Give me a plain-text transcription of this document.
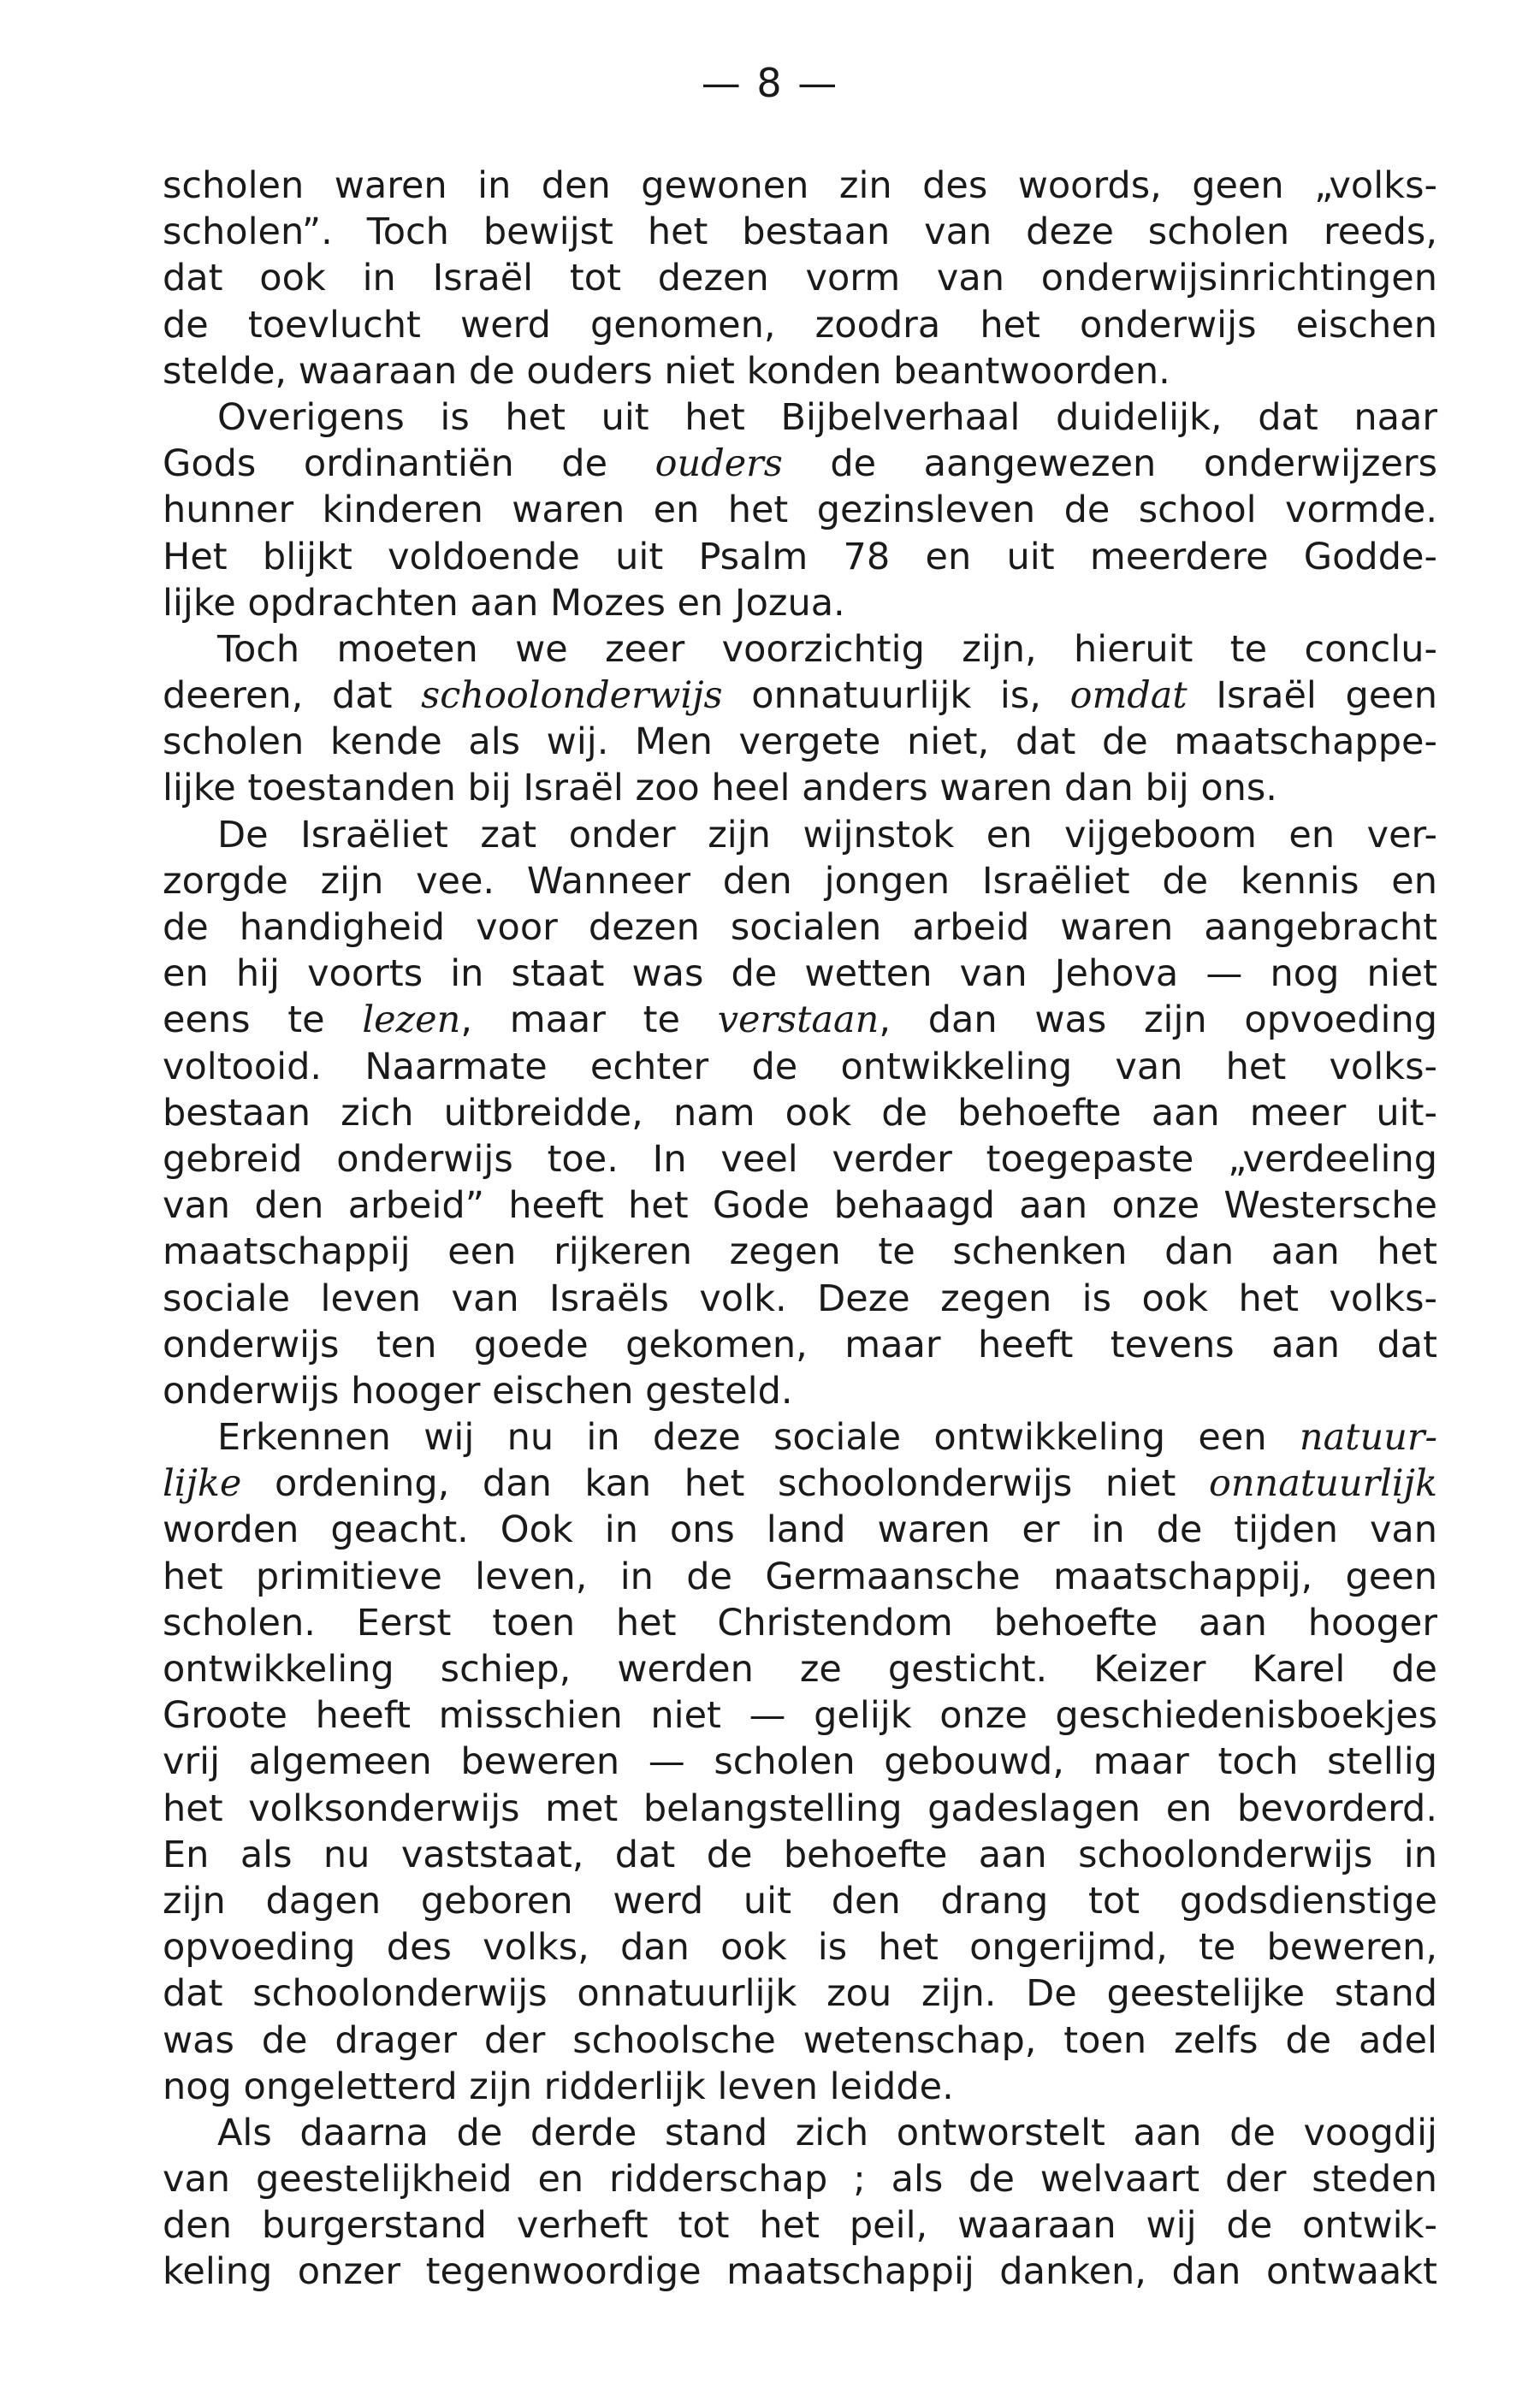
— 8 —
scholen waren in den gewonen zin des woords, geen „volks-
scholen”. Toch bewijst het bestaan van deze scholen reeds,
dat ook in Israël tot dezen vorm van onderwijsinrichtingen
de toevlucht werd genomen, zoodra het onderwijs eischen
stelde, waaraan de ouders niet konden beantwoorden.
Overigens is het uit het Bijbelverhaal duidelijk, dat naar
Gods ordinantiën de ouders de aangewezen onderwijzers
hunner kinderen waren en het gezinsleven de school vormde.
Het blijkt voldoende uit Psalm 78 en uit meerdere Godde-
lijke opdrachten aan Mozes en Jozua.
Toch moeten we zeer voorzichtig zijn, hieruit te conclu-
deeren, dat schoolonderwijs onnatuurlijk is, omdat Israël geen
scholen kende als wij. Men vergete niet, dat de maatschappe-
lijke toestanden bij Israël zoo heel anders waren dan bij ons.
De Israëliet zat onder zijn wijnstok en vijgeboom en ver-
zorgde zijn vee. Wanneer den jongen Israëliet de kennis en
de handigheid voor dezen socialen arbeid waren aangebracht
en hij voorts in staat was de wetten van Jehova — nog niet
eens te lezen, maar te verstaan, dan was zijn opvoeding
voltooid. Naarmate echter de ontwikkeling van het volks-
bestaan zich uitbreidde, nam ook de behoefte aan meer uit-
gebreid onderwijs toe. In veel verder toegepaste „verdeeling
van den arbeid” heeft het Gode behaagd aan onze Westersche
maatschappij een rijkeren zegen te schenken dan aan het
sociale leven van Israëls volk. Deze zegen is ook het volks-
onderwijs ten goede gekomen, maar heeft tevens aan dat
onderwijs hooger eischen gesteld.
Erkennen wij nu in deze sociale ontwikkeling een natuur-
lijke ordening, dan kan het schoolonderwijs niet onnatuurlijk
worden geacht. Ook in ons land waren er in de tijden van
het primitieve leven, in de Germaansche maatschappij, geen
scholen. Eerst toen het Christendom behoefte aan hooger
ontwikkeling schiep, werden ze gesticht. Keizer Karel de
Groote heeft misschien niet — gelijk onze geschiedenisboekjes
vrij algemeen beweren — scholen gebouwd, maar toch stellig
het volksonderwijs met belangstelling gadeslagen en bevorderd.
En als nu vaststaat, dat de behoefte aan schoolonderwijs in
zijn dagen geboren werd uit den drang tot godsdienstige
opvoeding des volks, dan ook is het ongerijmd, te beweren,
dat schoolonderwijs onnatuurlijk zou zijn. De geestelijke stand
was de drager der schoolsche wetenschap, toen zelfs de adel
nog ongeletterd zijn ridderlijk leven leidde.
Als daarna de derde stand zich ontworstelt aan de voogdij
van geestelijkheid en ridderschap ; als de welvaart der steden
den burgerstand verheft tot het peil, waaraan wij de ontwik-
keling onzer tegenwoordige maatschappij danken, dan ontwaakt
